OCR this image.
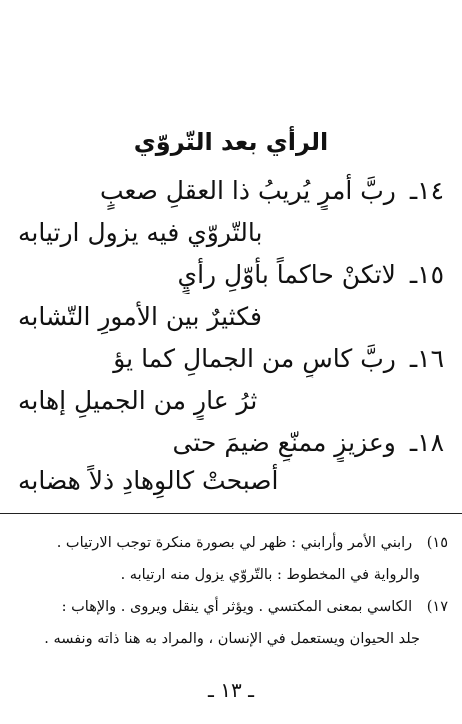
الرأي بعد التّروّي
١٤ـ ربَّ أمرٍ يُريبُ ذا العقلِ صعبٍ
بالتّروّي فيه يزول ارتيابه
١٥ـ لاتكنْ حاكماً بأوّلِ رأيٍ
فكثيرٌ بين الأمورِ التّشابه
١٦ـ ربَّ كاسٍ من الجمالِ كما يؤ
ثرُ عارٍ من الجميلِ إهابه
١٨ـ وعزيزٍ ممنّعٍ ضيمَ حتى
أصبحتْ كالوِهادِ ذلاً هضابه
١٥) رابني الأمر وأرابني : ظهر لي بصورة منكرة توجب الارتياب .
والرواية في المخطوط : بالتّروّي يزول منه ارتيابه .
١٧) الكاسي بمعنى المكتسي . ويؤثر أي ينقل ويروى . والإهاب :
جلد الحيوان ويستعمل في الإنسان ، والمراد به هنا ذاته ونفسه .
ـ ١٣ ـ
